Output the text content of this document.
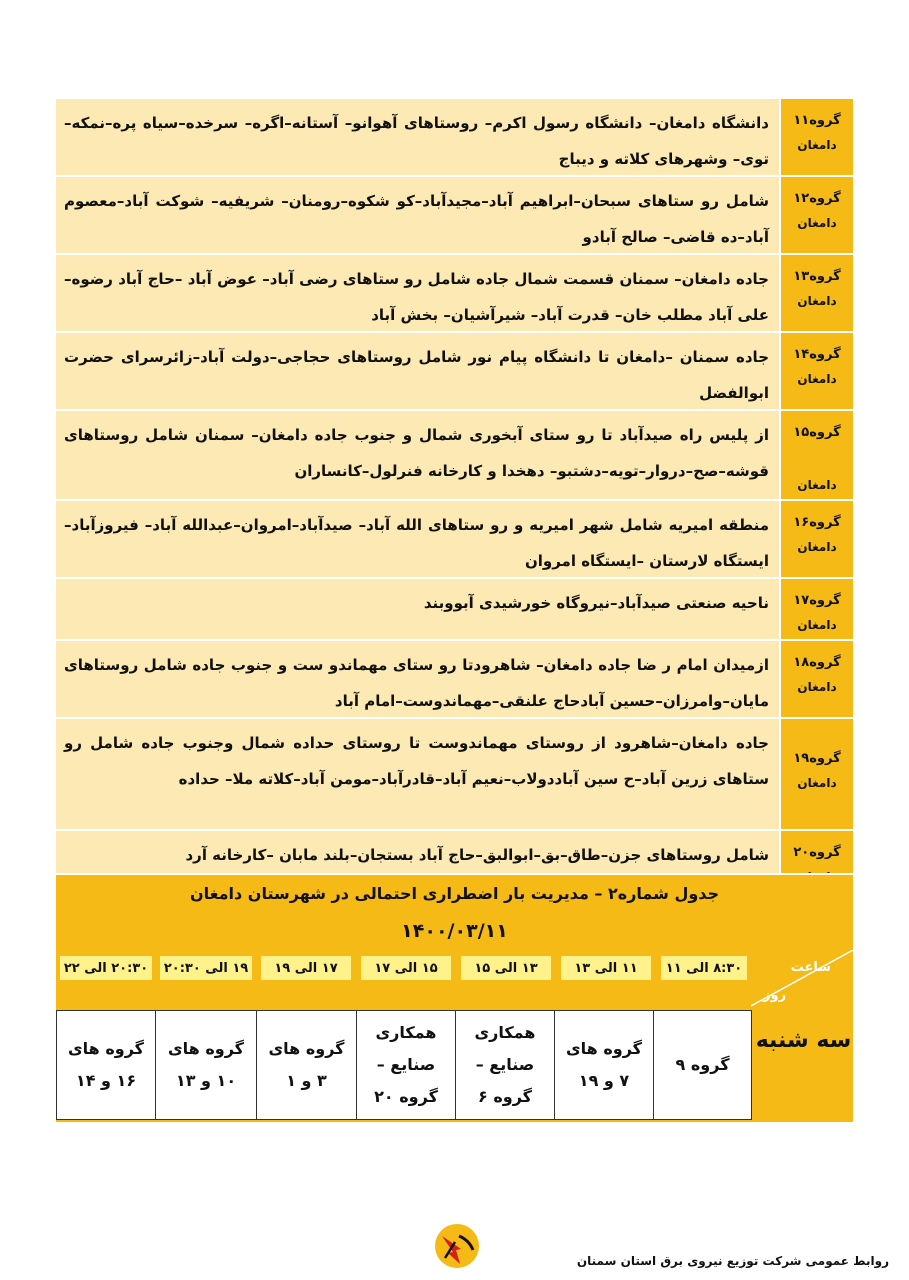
گروه۱۱
دامغان
دانشگاه دامغان– دانشگاه رسول اکرم– روستاهای آهوانو– آستانه–اگره– سرخده–سیاه پره–نمکه– توی– وشهرهای کلاته و دیباج
گروه۱۲
دامغان
شامل رو ستاهای سبحان–ابراهیم آباد–مجیدآباد–کو شکوه–رومنان– شریفیه– شوکت آباد–معصوم آباد–ده قاضی– صالح آبادو
گروه۱۳
دامغان
جاده دامغان– سمنان قسمت شمال جاده شامل رو ستاهای رضی آباد– عوض آباد –حاج آباد رضوه– علی آباد مطلب خان– قدرت آباد– شیرآشیان– بخش آباد
گروه۱۴
دامغان
جاده سمنان –دامغان تا دانشگاه پیام نور شامل روستاهای حجاجی–دولت آباد–زائرسرای حضرت ابوالفضل
گروه۱۵
دامغان
از پلیس راه صیدآباد تا رو ستای آبخوری شمال و جنوب جاده دامغان– سمنان شامل روستاهای قوشه–صح–دروار–تویه–دشتبو– دهخدا و کارخانه فنرلول–کانساران
گروه۱۶
دامغان
منطقه امیریه شامل شهر امیریه و رو ستاهای الله آباد– صیدآباد–امروان–عبدالله آباد– فیروزآباد–ایستگاه لارستان –ایستگاه امروان
گروه۱۷
دامغان
ناحیه صنعتی صیدآباد–نیروگاه خورشیدی آبووبند
گروه۱۸
دامغان
ازمیدان امام ر ضا جاده دامغان– شاهرودتا رو ستای مهماندو ست و جنوب جاده شامل روستاهای مایان–وامرزان–حسین آبادحاج علنقی–مهماندوست–امام آباد
گروه۱۹
دامغان
جاده دامغان–شاهرود از روستای مهماندوست تا روستای حداده شمال وجنوب جاده شامل رو ستاهای زرین آباد–ح سین آباددولاب–نعیم آباد–قادرآباد–مومن آباد–کلاته ملا– حداده
گروه۲۰
شامل روستاهای جزن–طاق–بق–ابوالبق–حاج آباد بستجان–بلند مابان –کارخانه آرد
جدول شماره۲ – مدیریت بار اضطراری احتمالی در شهرستان دامغان
۱۴۰۰/۰۳/۱۱
ساعت
روز
۸:۳۰ الی ۱۱
۱۱ الی ۱۳
۱۳ الی ۱۵
۱۵ الی ۱۷
۱۷ الی ۱۹
۱۹ الی ۲۰:۳۰
۲۰:۳۰ الی ۲۲
سه شنبه
گروه ۹
گروه های ۷ و ۱۹
همکاری صنایع – گروه ۶
همکاری صنایع – گروه ۲۰
گروه های ۳ و ۱
گروه های ۱۰ و ۱۳
گروه های ۱۶ و ۱۴
روابط عمومی شرکت توزیع نیروی برق استان سمنان
